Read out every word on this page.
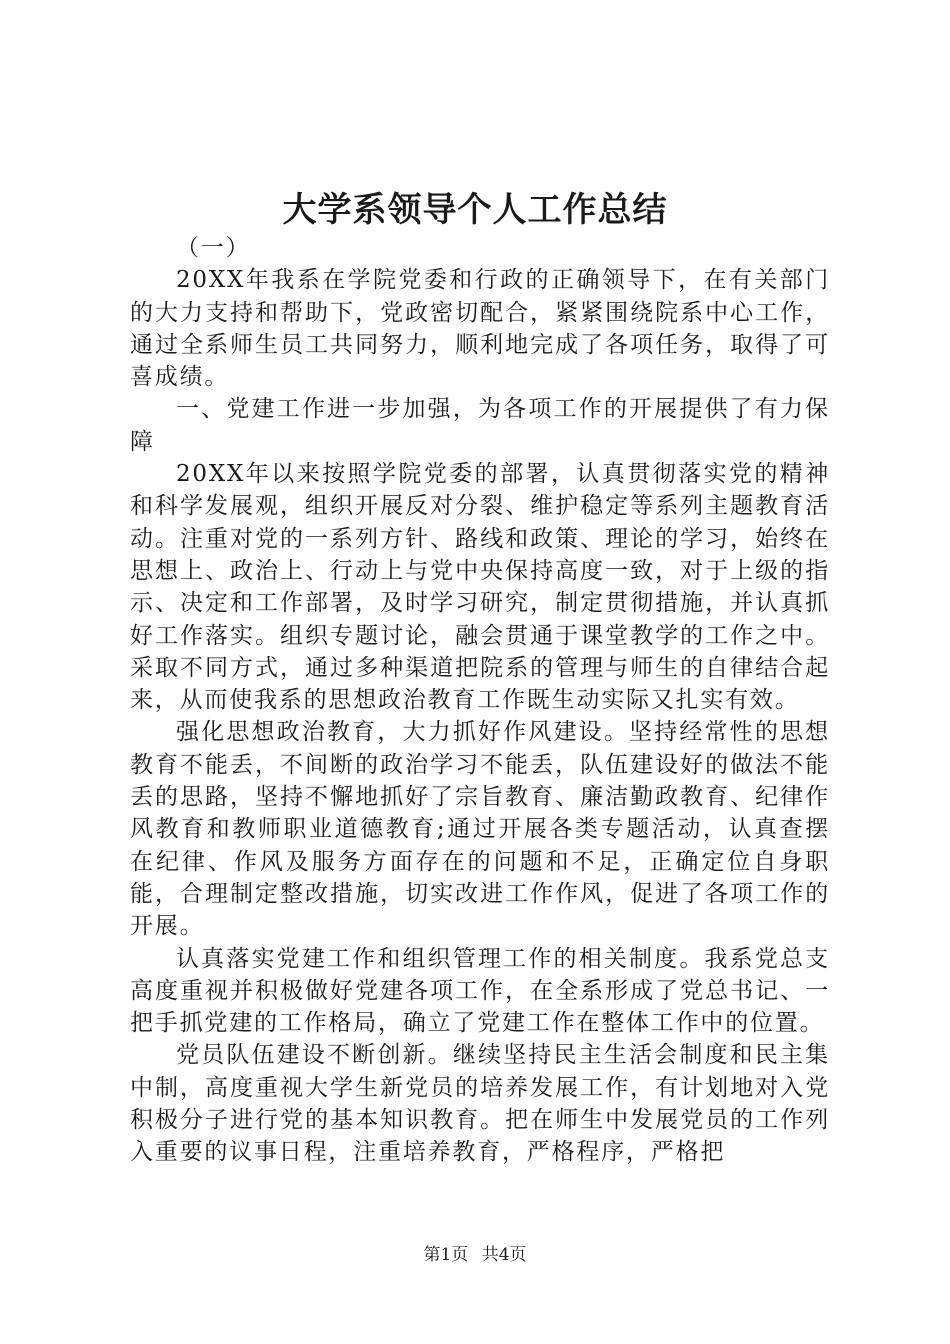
大学系领导个人工作总结

（一）

20XX年我系在学院党委和行政的正确领导下，在有关部门的大力支持和帮助下，党政密切配合，紧紧围绕院系中心工作，通过全系师生员工共同努力，顺利地完成了各项任务，取得了可喜成绩。

一、党建工作进一步加强，为各项工作的开展提供了有力保障

20XX年以来按照学院党委的部署，认真贯彻落实党的精神和科学发展观，组织开展反对分裂、维护稳定等系列主题教育活动。注重对党的一系列方针、路线和政策、理论的学习，始终在思想上、政治上、行动上与党中央保持高度一致，对于上级的指示、决定和工作部署，及时学习研究，制定贯彻措施，并认真抓好工作落实。组织专题讨论，融会贯通于课堂教学的工作之中。采取不同方式，通过多种渠道把院系的管理与师生的自律结合起来，从而使我系的思想政治教育工作既生动实际又扎实有效。

强化思想政治教育，大力抓好作风建设。坚持经常性的思想教育不能丢，不间断的政治学习不能丢，队伍建设好的做法不能丢的思路，坚持不懈地抓好了宗旨教育、廉洁勤政教育、纪律作风教育和教师职业道德教育;通过开展各类专题活动，认真查摆在纪律、作风及服务方面存在的问题和不足，正确定位自身职能，合理制定整改措施，切实改进工作作风，促进了各项工作的开展。

认真落实党建工作和组织管理工作的相关制度。我系党总支高度重视并积极做好党建各项工作，在全系形成了党总书记、一把手抓党建的工作格局，确立了党建工作在整体工作中的位置。

党员队伍建设不断创新。继续坚持民主生活会制度和民主集中制，高度重视大学生新党员的培养发展工作，有计划地对入党积极分子进行党的基本知识教育。把在师生中发展党员的工作列入重要的议事日程，注重培养教育，严格程序，严格把

第1页 共4页
